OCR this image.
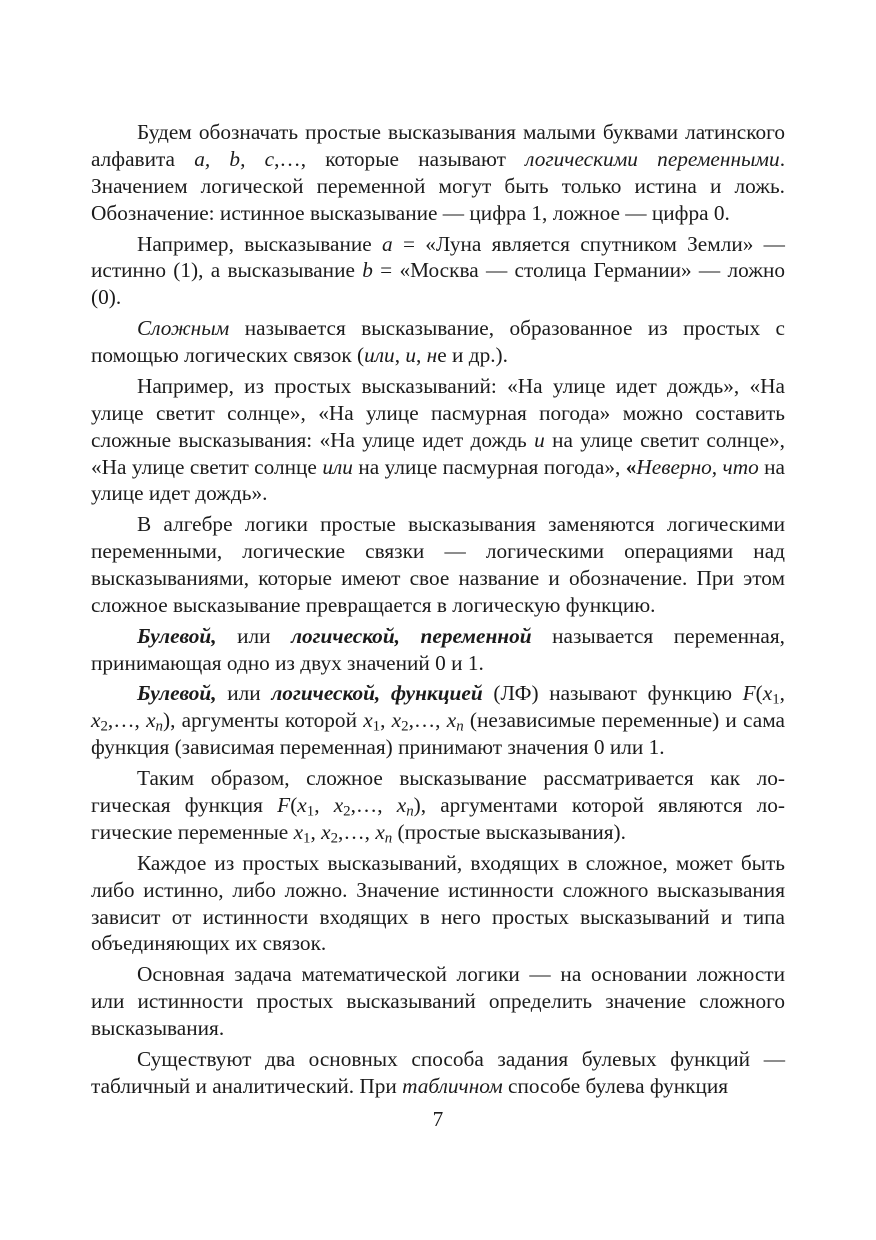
Будем обозначать простые высказывания малыми буквами латинского алфавита a, b, c,…, которые называют логическими переменными. Значением логической переменной могут быть только истина и ложь. Обозначение: истинное высказывание — цифра 1, ложное — цифра 0.

Например, высказывание a = «Луна является спутником Земли» — истинно (1), а высказывание b = «Москва — столица Германии» — ложно (0).

Сложным называется высказывание, образованное из простых с помощью логических связок (или, и, не и др.).

Например, из простых высказываний: «На улице идет дождь», «На улице светит солнце», «На улице пасмурная погода» можно составить сложные высказывания: «На улице идет дождь и на улице светит солнце», «На улице светит солнце или на улице пасмурная погода», «Неверно, что на улице идет дождь».

В алгебре логики простые высказывания заменяются логическими переменными, логические связки — логическими операциями над высказываниями, которые имеют свое название и обозначение. При этом сложное высказывание превращается в логическую функцию.

Булевой, или логической, переменной называется переменная, принимающая одно из двух значений 0 и 1.

Булевой, или логической, функцией (ЛФ) называют функцию $F(x_1$, $x_2,\dots$, $x_n$), аргументы которой $x_1$, $x_2,\dots$, $x_n$ (независимые переменные) и сама функция (зависимая переменная) принимают значения 0 или 1.

Таким образом, сложное высказывание рассматривается как логическая функция $F(x_1$, $x_2,\dots$, $x_n$), аргументами которой являются логические переменные $x_1$, $x_2,\dots$, $x_n$ (простые высказывания).

Каждое из простых высказываний, входящих в сложное, может быть либо истинно, либо ложно. Значение истинности сложного высказывания зависит от истинности входящих в него простых высказываний и типа объединяющих их связок.

Основная задача математической логики — на основании ложности или истинности простых высказываний определить значение сложного высказывания.

Существуют два основных способа задания булевых функций — табличный и аналитический. При табличном способе булева функция

7
